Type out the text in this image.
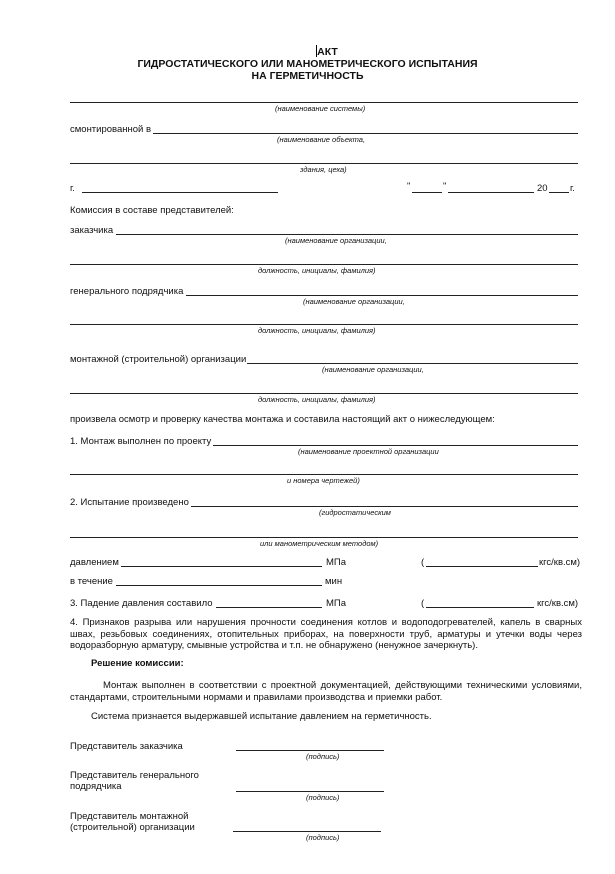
АКТ
ГИДРОСТАТИЧЕСКОГО ИЛИ МАНОМЕТРИЧЕСКОГО ИСПЫТАНИЯ
НА ГЕРМЕТИЧНОСТЬ
(наименование системы)
смонтированной в
(наименование объекта,
здания, цеха)
г.	"	"	20 г.
Комиссия в составе представителей:
заказчика
(наименование организации,
должность, инициалы, фамилия)
генерального подрядчика
(наименование организации,
должность, инициалы, фамилия)
монтажной (строительной) организации
(наименование организации,
должность, инициалы, фамилия)
произвела осмотр и проверку качества монтажа и составила настоящий акт о нижеследующем:
1. Монтаж выполнен по проекту
(наименование проектной организации
и номера чертежей)
2. Испытание произведено
(гидростатическим
или манометрическим методом)
давлением	МПа	(	кгс/кв.см)
в течение	мин
3. Падение давления составило	МПа	(	кгс/кв.см)
4. Признаков разрыва или нарушения прочности соединения котлов и водоподогревателей, капель в сварных швах, резьбовых соединениях, отопительных приборах, на поверхности труб, арматуры и утечки воды через водоразборную арматуру, смывные устройства и т.п. не обнаружено (ненужное зачеркнуть).
Решение комиссии:
Монтаж выполнен в соответствии с проектной документацией, действующими техническими условиями, стандартами, строительными нормами и правилами производства и приемки работ.
Система признается выдержавшей испытание давлением на герметичность.
Представитель заказчика
(подпись)
Представитель генерального
подрядчика
(подпись)
Представитель монтажной
(строительной) организации
(подпись)
